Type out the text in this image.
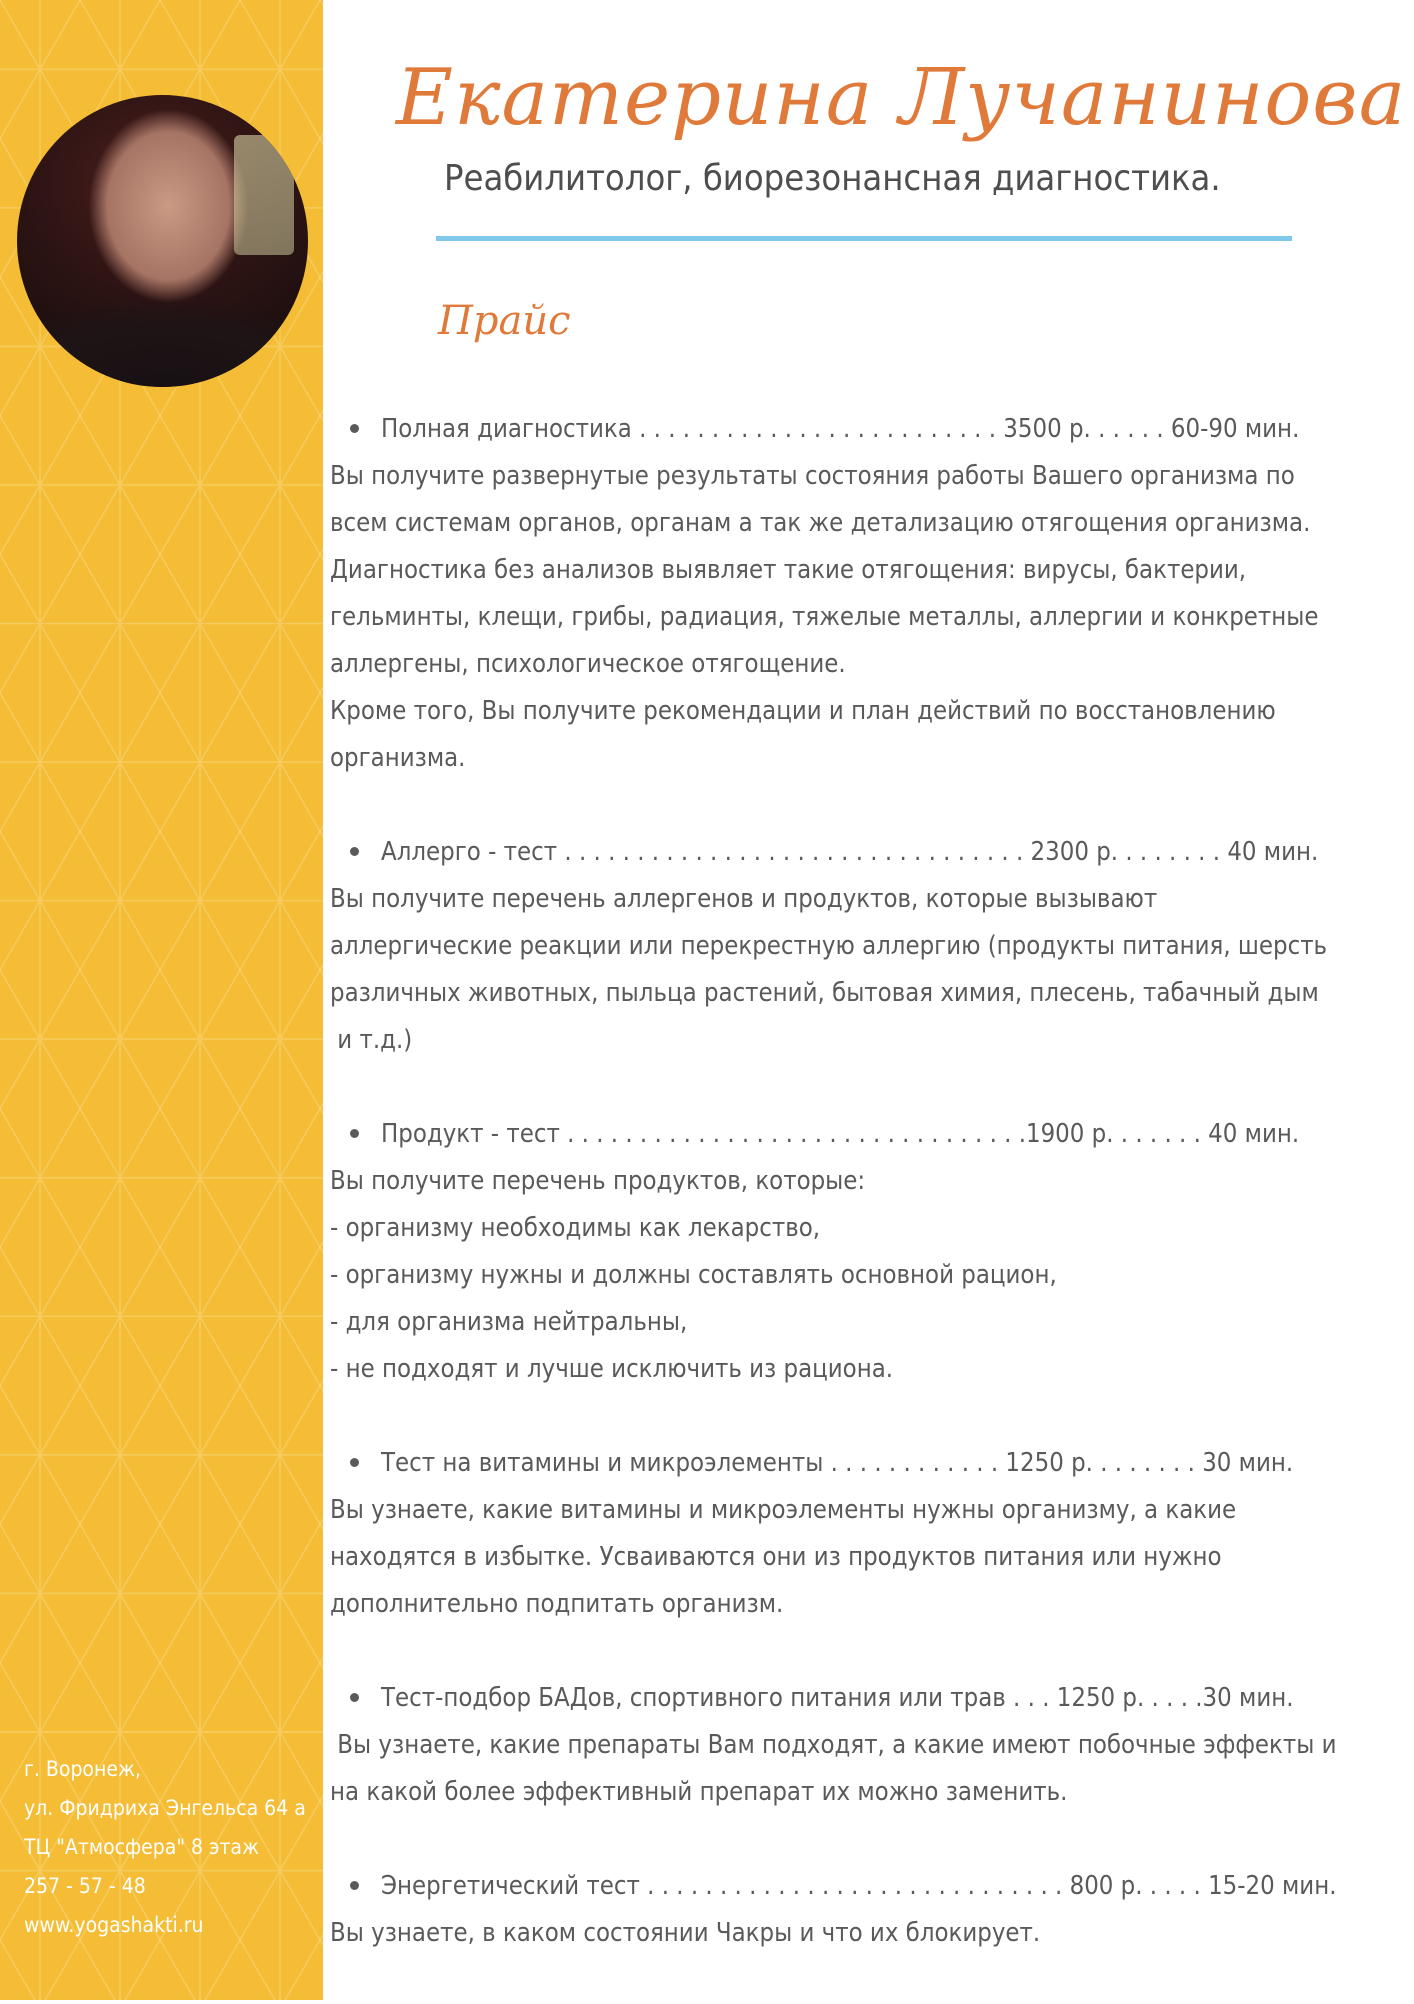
г. Воронеж,
ул. Фридриха Энгельса 64 а
ТЦ "Атмосфера" 8 этаж
257 - 57 - 48
www.yogashakti.ru
Екатерина Лучанинова
Реабилитолог, биорезонансная диагностика.
Прайс
Полная диагностика . . . . . . . . . . . . . . . . . . . . . . . . . 3500 р. . . . . . 60-90 мин.
Вы получите развернутые результаты состояния работы Вашего организма по
всем системам органов, органам а так же детализацию отягощения организма.
Диагностика без анализов выявляет такие отягощения: вирусы, бактерии,
гельминты, клещи, грибы, радиация, тяжелые металлы, аллергии и конкретные
аллергены, психологическое отягощение.
Кроме того, Вы получите рекомендации и план действий по восстановлению
организма.
Аллерго - тест . . . . . . . . . . . . . . . . . . . . . . . . . . . . . . . . 2300 р. . . . . . . . 40 мин.
Вы получите перечень аллергенов и продуктов, которые вызывают
аллергические реакции или перекрестную аллергию (продукты питания, шерсть
различных животных, пыльца растений, бытовая химия, плесень, табачный дым
и т.д.)
Продукт - тест . . . . . . . . . . . . . . . . . . . . . . . . . . . . . . . .1900 р. . . . . . . 40 мин.
Вы получите перечень продуктов, которые:
- организму необходимы как лекарство,
- организму нужны и должны составлять основной рацион,
- для организма нейтральны,
- не подходят и лучше исключить из рациона.
Тест на витамины и микроэлементы . . . . . . . . . . . . 1250 р. . . . . . . . 30 мин.
Вы узнаете, какие витамины и микроэлементы нужны организму, а какие
находятся в избытке. Усваиваются они из продуктов питания или нужно
дополнительно подпитать организм.
Тест-подбор БАДов, спортивного питания или трав . . . 1250 р. . . . .30 мин.
Вы узнаете, какие препараты Вам подходят, а какие имеют побочные эффекты и
на какой более эффективный препарат их можно заменить.
Энергетический тест . . . . . . . . . . . . . . . . . . . . . . . . . . . . . 800 р. . . . . 15-20 мин.
Вы узнаете, в каком состоянии Чакры и что их блокирует.
